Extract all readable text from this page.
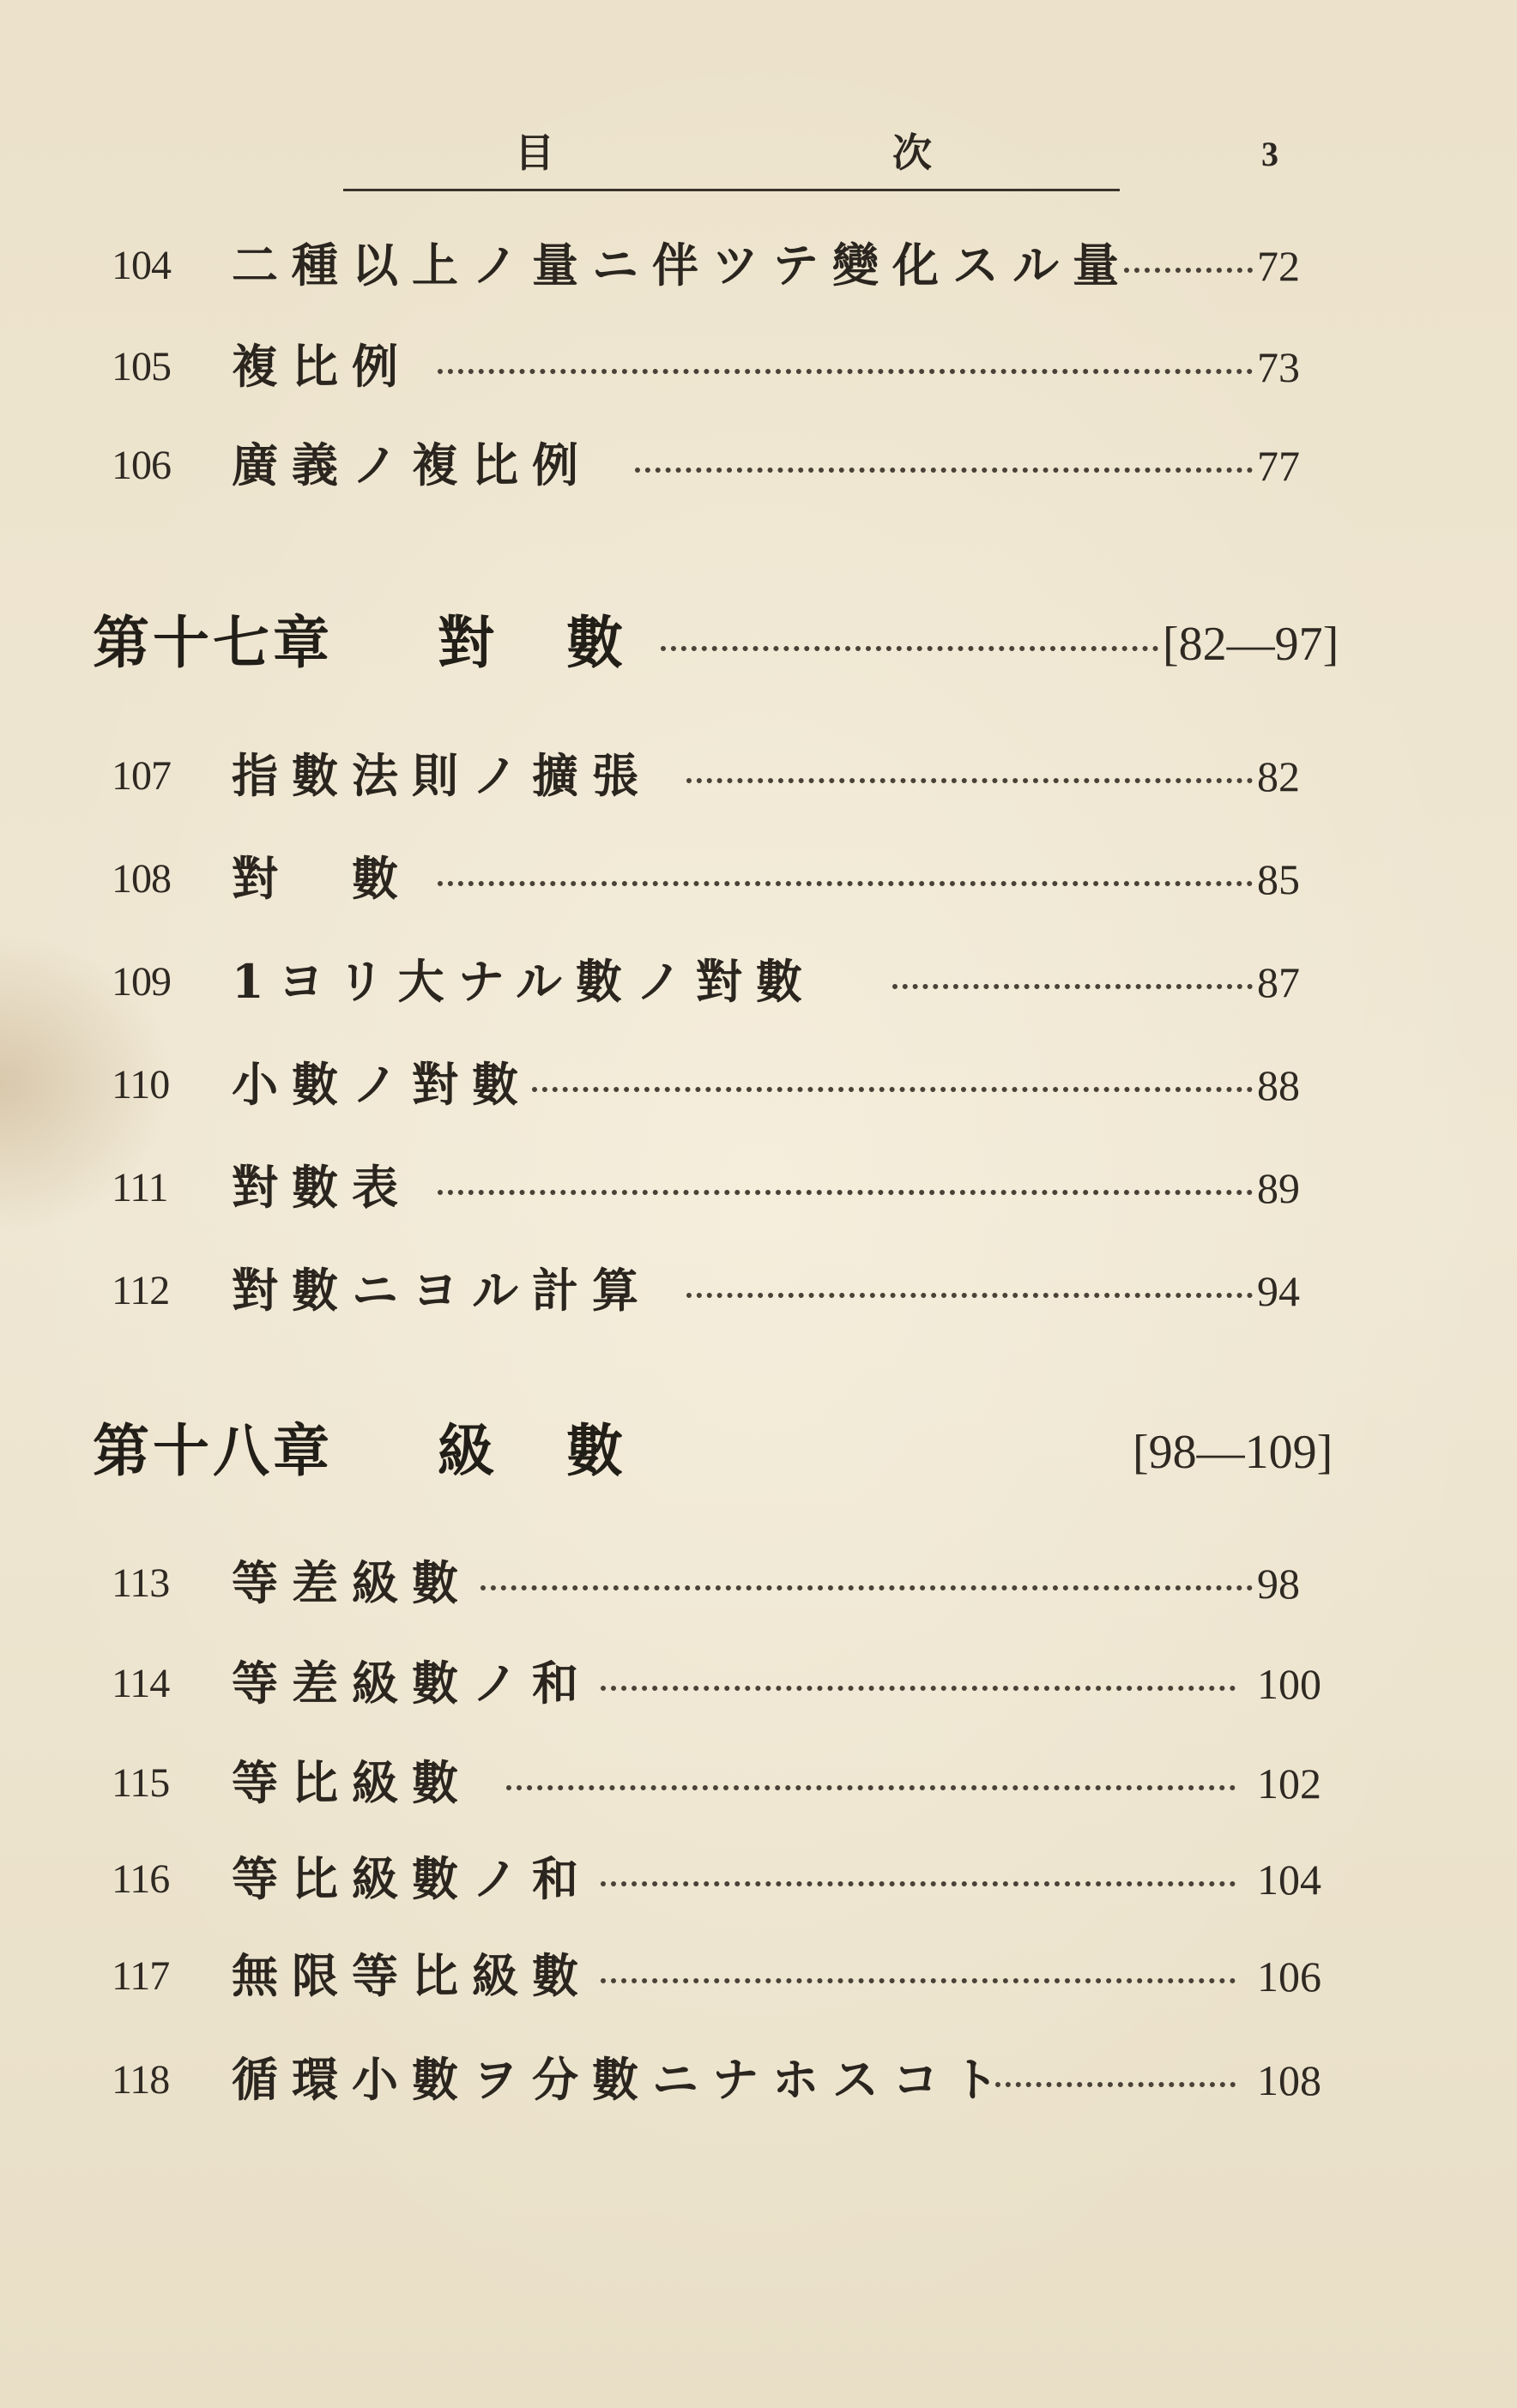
目	次	3
104 二種以上ノ量ニ伴ツテ變化スル量	72
105 複比例	73
106 廣義ノ複比例	77
第十七章 對數	[82—97]
107 指數法則ノ擴張	82
108 對　數	85
109 1ヨリ大ナル數ノ對數	87
110 小數ノ對數	88
111 對數表	89
112 對數ニヨル計算	94
第十八章 級數	[98—109]
113 等差級數	98
114 等差級數ノ和	100
115 等比級數	102
116 等比級數ノ和	104
117 無限等比級數	106
118 循環小數ヲ分數ニナホスコト	108
